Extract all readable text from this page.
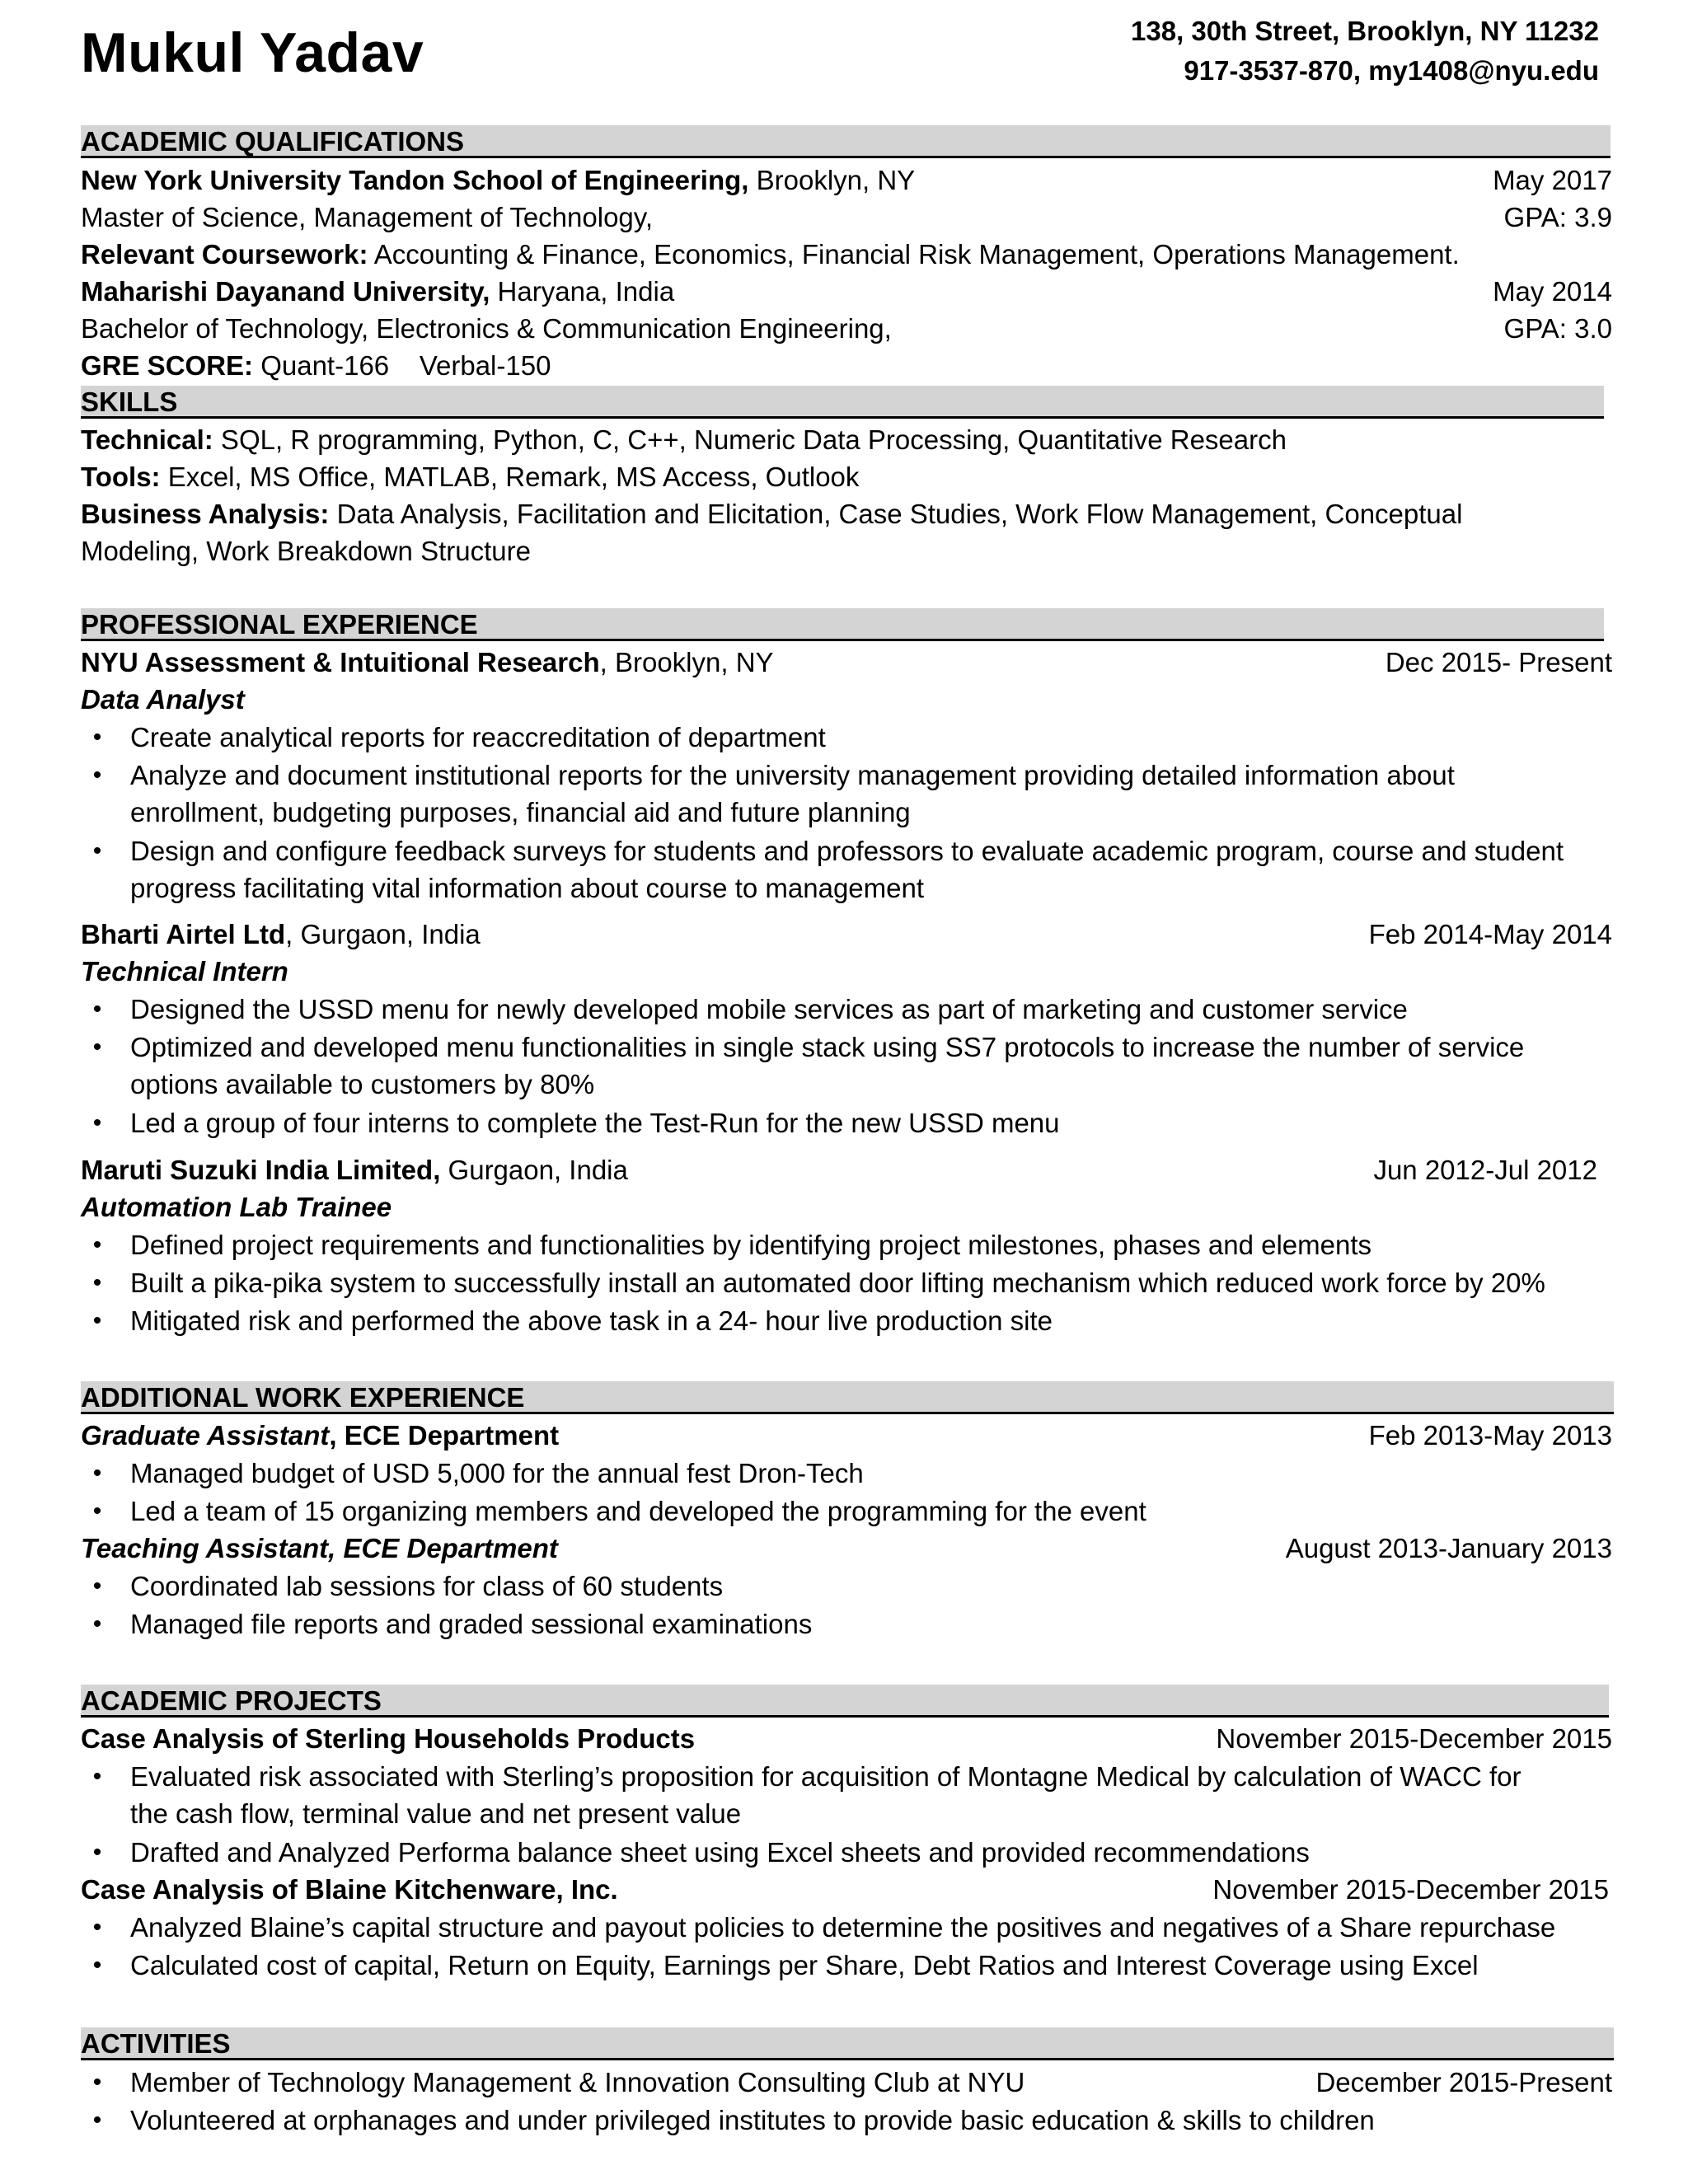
Mukul Yadav	138, 30th Street, Brooklyn, NY 11232
917-3537-870, my1408@nyu.edu
ACADEMIC QUALIFICATIONS
New York University Tandon School of Engineering, Brooklyn, NY	May 2017
Master of Science, Management of Technology,	GPA: 3.9
Relevant Coursework: Accounting & Finance, Economics, Financial Risk Management, Operations Management.
Maharishi Dayanand University, Haryana, India	May 2014
Bachelor of Technology, Electronics & Communication Engineering,	GPA: 3.0
GRE SCORE: Quant-166    Verbal-150
SKILLS
Technical: SQL, R programming, Python, C, C++, Numeric Data Processing, Quantitative Research
Tools: Excel, MS Office, MATLAB, Remark, MS Access, Outlook
Business Analysis: Data Analysis, Facilitation and Elicitation, Case Studies, Work Flow Management, Conceptual
Modeling, Work Breakdown Structure
PROFESSIONAL EXPERIENCE
NYU Assessment & Intuitional Research, Brooklyn, NY	Dec 2015- Present
Data Analyst
•	Create analytical reports for reaccreditation of department
•	Analyze and document institutional reports for the university management providing detailed information about
enrollment, budgeting purposes, financial aid and future planning
•	Design and configure feedback surveys for students and professors to evaluate academic program, course and student
progress facilitating vital information about course to management
Bharti Airtel Ltd, Gurgaon, India	Feb 2014-May 2014
Technical Intern
•	Designed the USSD menu for newly developed mobile services as part of marketing and customer service
•	Optimized and developed menu functionalities in single stack using SS7 protocols to increase the number of service
options available to customers by 80%
•	Led a group of four interns to complete the Test-Run for the new USSD menu
Maruti Suzuki India Limited, Gurgaon, India	Jun 2012-Jul 2012
Automation Lab Trainee
•	Defined project requirements and functionalities by identifying project milestones, phases and elements
•	Built a pika-pika system to successfully install an automated door lifting mechanism which reduced work force by 20%
•	Mitigated risk and performed the above task in a 24- hour live production site
ADDITIONAL WORK EXPERIENCE
Graduate Assistant, ECE Department	Feb 2013-May 2013
•	Managed budget of USD 5,000 for the annual fest Dron-Tech
•	Led a team of 15 organizing members and developed the programming for the event
Teaching Assistant, ECE Department	August 2013-January 2013
•	Coordinated lab sessions for class of 60 students
•	Managed file reports and graded sessional examinations
ACADEMIC PROJECTS
Case Analysis of Sterling Households Products	November 2015-December 2015
•	Evaluated risk associated with Sterling’s proposition for acquisition of Montagne Medical by calculation of WACC for
the cash flow, terminal value and net present value
•	Drafted and Analyzed Performa balance sheet using Excel sheets and provided recommendations
Case Analysis of Blaine Kitchenware, Inc.	November 2015-December 2015
•	Analyzed Blaine’s capital structure and payout policies to determine the positives and negatives of a Share repurchase
•	Calculated cost of capital, Return on Equity, Earnings per Share, Debt Ratios and Interest Coverage using Excel
ACTIVITIES
•	Member of Technology Management & Innovation Consulting Club at NYU	December 2015-Present
•	Volunteered at orphanages and under privileged institutes to provide basic education & skills to children
